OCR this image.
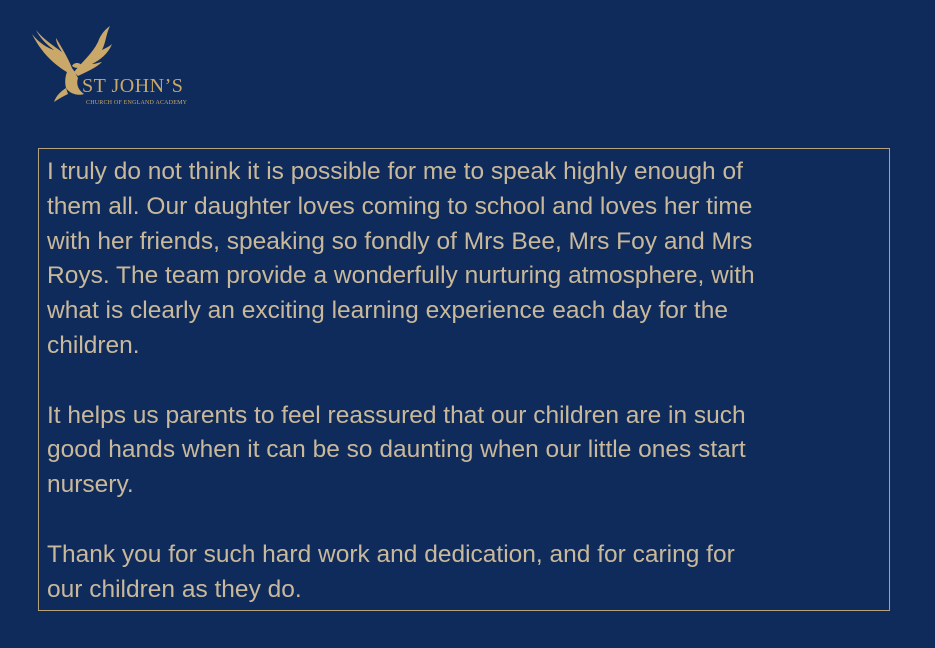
ST JOHN’S
CHURCH OF ENGLAND ACADEMY

I truly do not think it is possible for me to speak highly enough of
them all. Our daughter loves coming to school and loves her time
with her friends, speaking so fondly of Mrs Bee, Mrs Foy and Mrs
Roys. The team provide a wonderfully nurturing atmosphere, with
what is clearly an exciting learning experience each day for the
children.

It helps us parents to feel reassured that our children are in such
good hands when it can be so daunting when our little ones start
nursery.

Thank you for such hard work and dedication, and for caring for
our children as they do.
